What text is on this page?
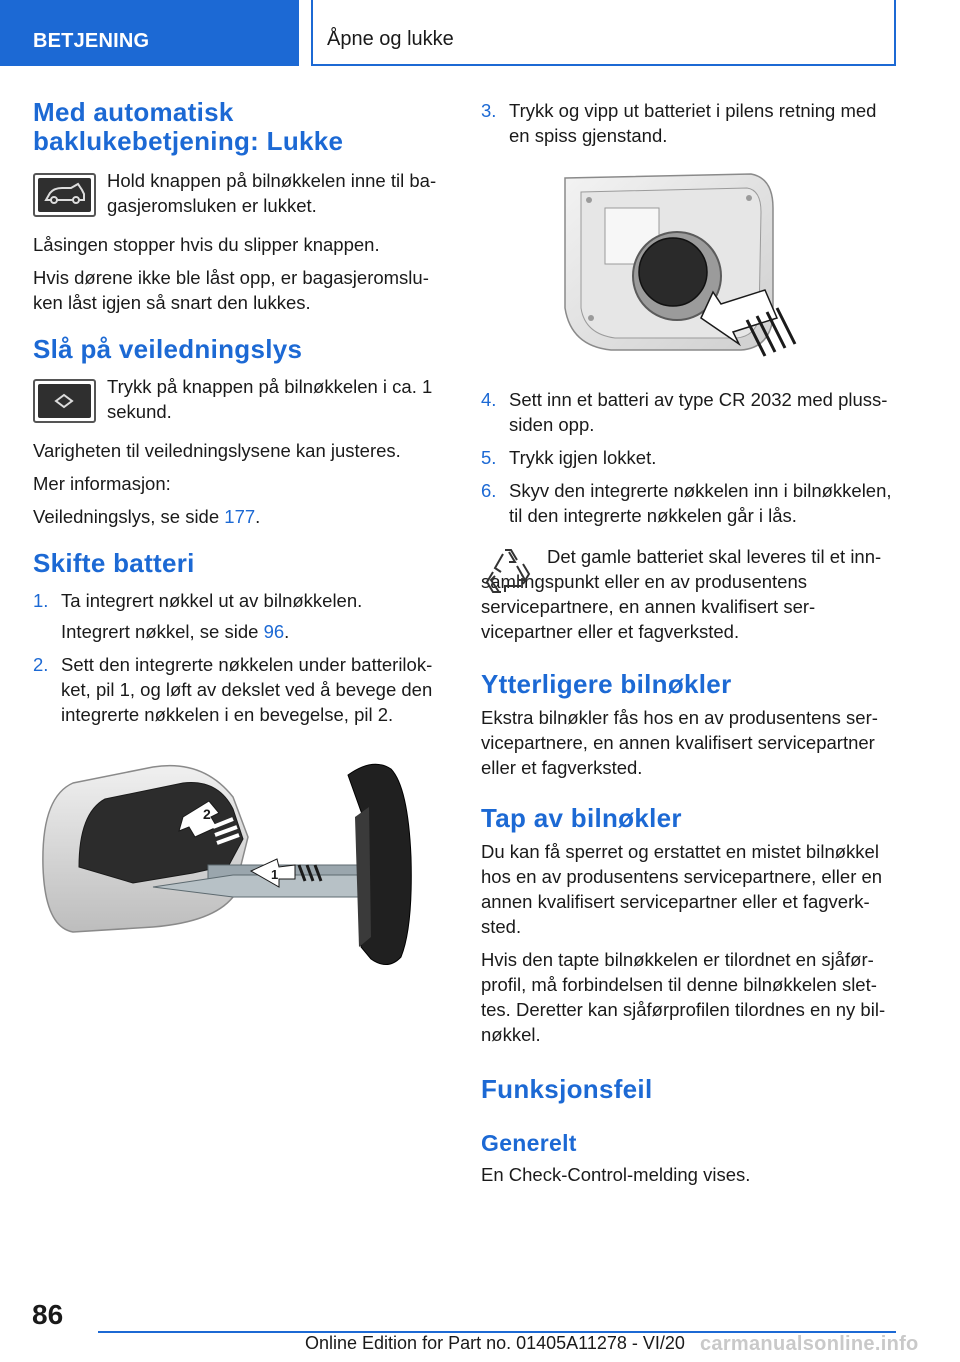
BETJENING	Åpne og lukke
Med automatisk baklukebetjening: Lukke

Hold knappen på bilnøkkelen inne til bagasjeromsluken er lukket.

Låsingen stopper hvis du slipper knappen.

Hvis dørene ikke ble låst opp, er bagasjeromsluken låst igjen så snart den lukkes.

Slå på veiledningslys

Trykk på knappen på bilnøkkelen i ca. 1 sekund.

Varigheten til veiledningslysene kan justeres.

Mer informasjon:

Veiledningslys, se side 177.

Skifte batteri
1. Ta integrert nøkkel ut av bilnøkkelen.
Integrert nøkkel, se side 96.
2. Sett den integrerte nøkkelen under batterilokket, pil 1, og løft av dekslet ved å bevege den integrerte nøkkelen i en bevegelse, pil 2.
2
1
3. Trykk og vipp ut batteriet i pilens retning med en spiss gjenstand.
4. Sett inn et batteri av type CR 2032 med pluss-siden opp.
5. Trykk igjen lokket.
6. Skyv den integrerte nøkkelen inn i bilnøkkelen, til den integrerte nøkkelen går i lås.

Det gamle batteriet skal leveres til et innsamlingspunkt eller en av produsentens servicepartnere, en annen kvalifisert servicepartner eller et fagverksted.

Ytterligere bilnøkler

Ekstra bilnøkler fås hos en av produsentens servicepartnere, en annen kvalifisert servicepartner eller et fagverksted.

Tap av bilnøkler

Du kan få sperret og erstattet en mistet bilnøkkel hos en av produsentens servicepartnere, eller en annen kvalifisert servicepartner eller et fagverksted.

Hvis den tapte bilnøkkelen er tilordnet en sjåførprofil, må forbindelsen til denne bilnøkkelen slettes. Deretter kan sjåførprofilen tilordnes en ny bilnøkkel.

Funksjonsfeil
Generelt

En Check-Control-melding vises.

86
Online Edition for Part no. 01405A11278 - VI/20 carmanualsonline.info
